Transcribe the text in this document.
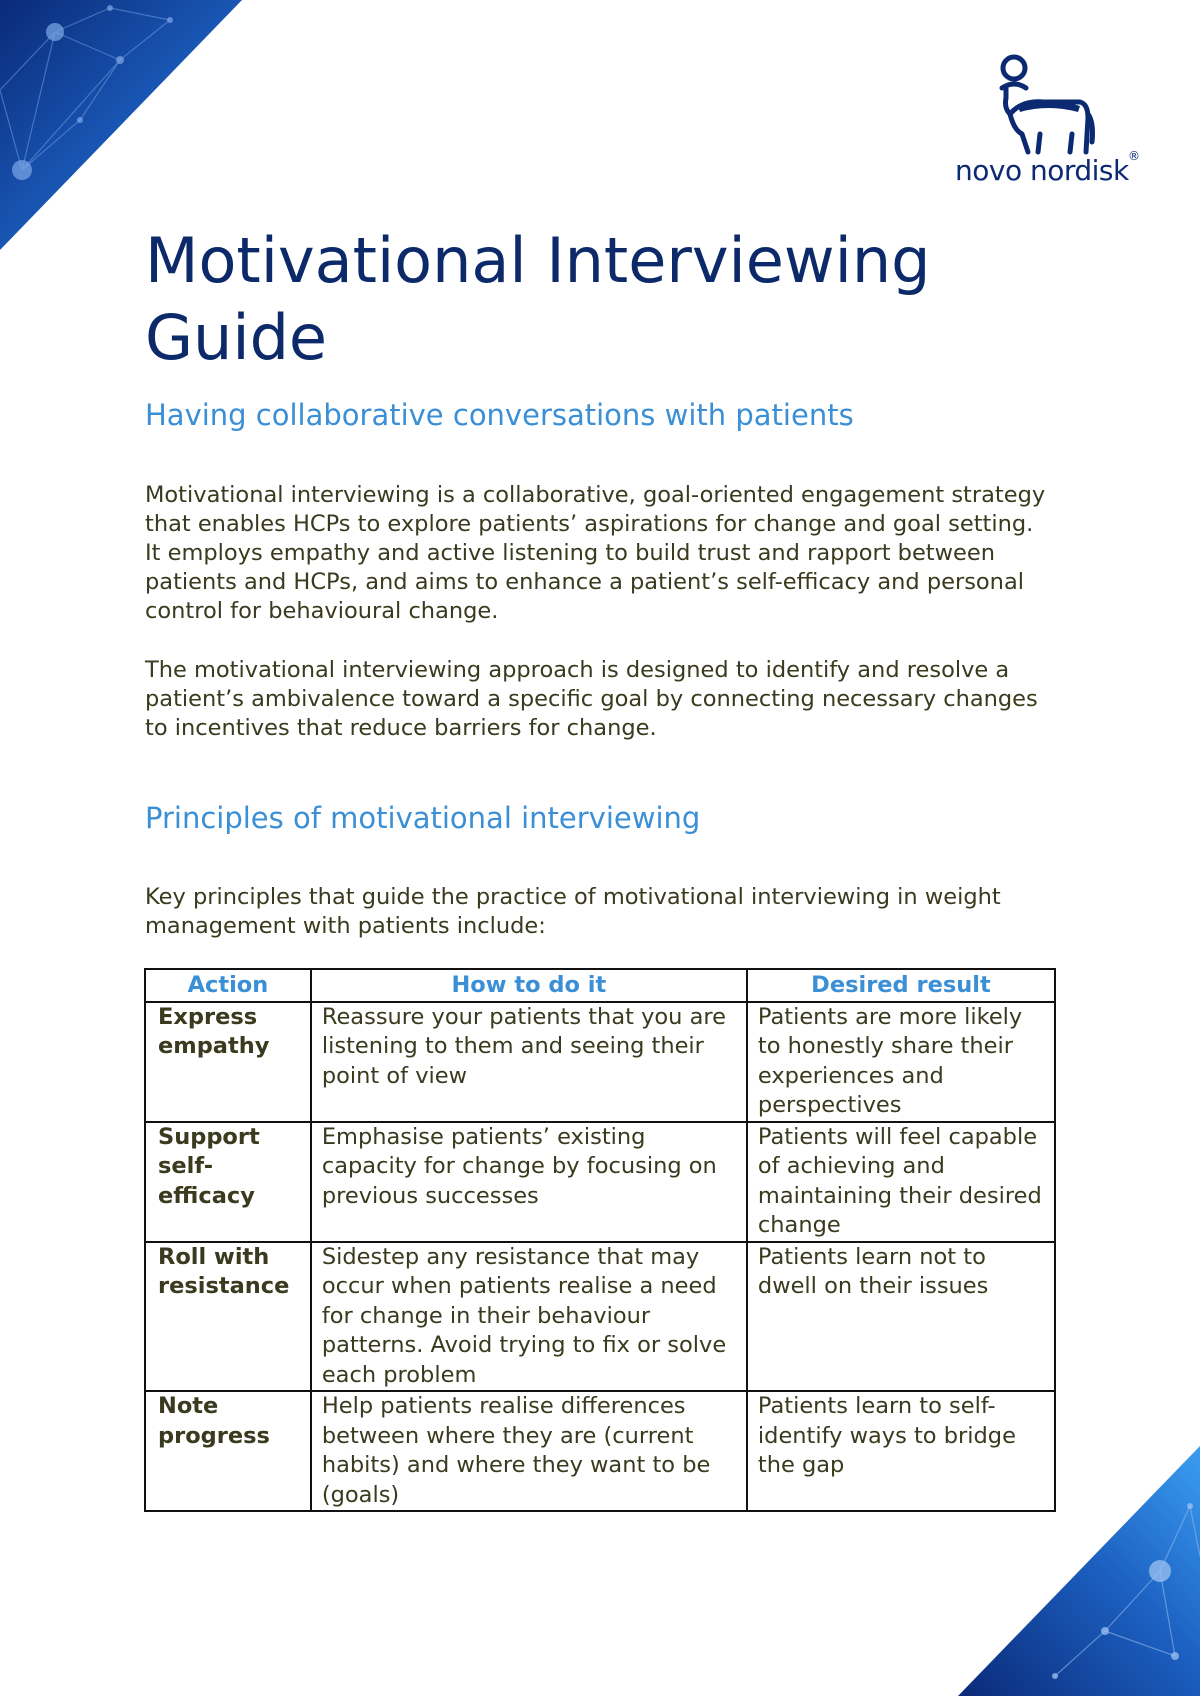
novo nordisk ®
Motivational Interviewing Guide
Having collaborative conversations with patients

Motivational interviewing is a collaborative, goal-oriented engagement strategy that enables HCPs to explore patients’ aspirations for change and goal setting. It employs empathy and active listening to build trust and rapport between patients and HCPs, and aims to enhance a patient’s self-efficacy and personal control for behavioural change.

The motivational interviewing approach is designed to identify and resolve a patient’s ambivalence toward a specific goal by connecting necessary changes to incentives that reduce barriers for change.

Principles of motivational interviewing

Key principles that guide the practice of motivational interviewing in weight management with patients include:

Action	How to do it	Desired result
Express empathy	Reassure your patients that you are listening to them and seeing their point of view	Patients are more likely to honestly share their experiences and perspectives
Support self-efficacy	Emphasise patients’ existing capacity for change by focusing on previous successes	Patients will feel capable of achieving and maintaining their desired change
Roll with resistance	Sidestep any resistance that may occur when patients realise a need for change in their behaviour patterns. Avoid trying to fix or solve each problem	Patients learn not to dwell on their issues
Note progress	Help patients realise differences between where they are (current habits) and where they want to be (goals)	Patients learn to self-identify ways to bridge the gap
